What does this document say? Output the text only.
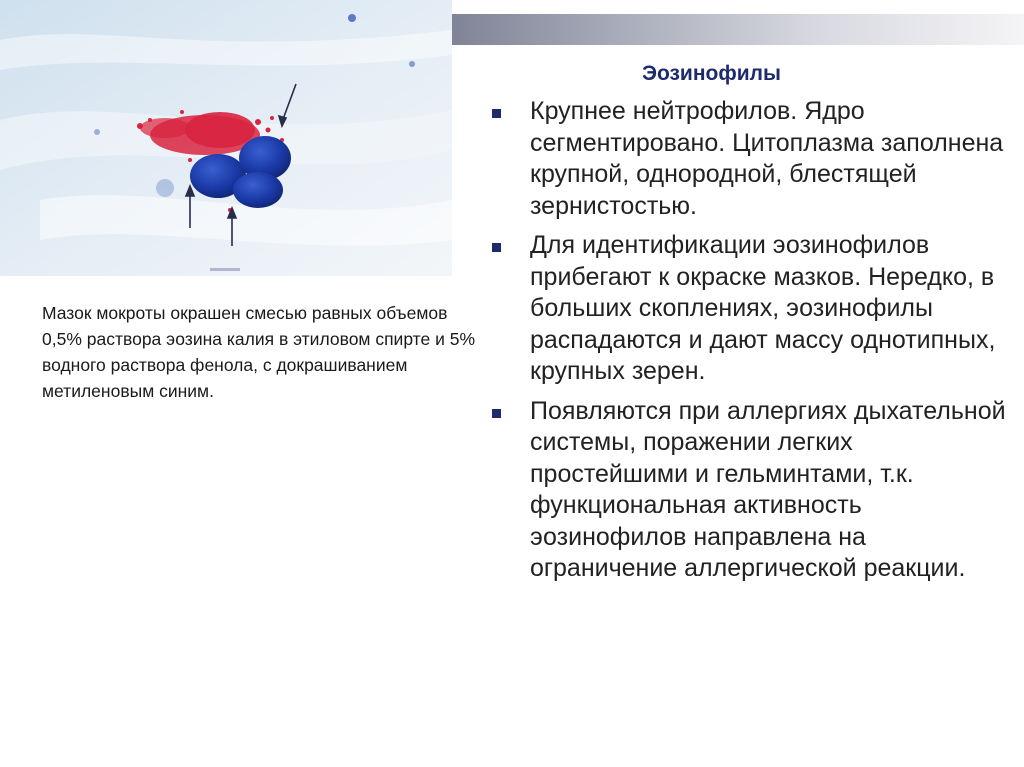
Мазок мокроты окрашен смесью равных объемов 0,5% раствора эозина калия в этиловом спирте и 5% водного раствора фенола, с докрашиванием метиленовым синим.
Эозинофилы
Крупнее нейтрофилов. Ядро сегментировано. Цитоплазма заполнена крупной, однородной, блестящей зернистостью.
Для идентификации эозинофилов прибегают к окраске мазков. Нередко, в больших скоплениях, эозинофилы распадаются и дают массу однотипных, крупных зерен.
Появляются при аллергиях дыхательной системы, поражении легких простейшими и гельминтами, т.к. функциональная активность эозинофилов направлена на ограничение аллергической реакции.
